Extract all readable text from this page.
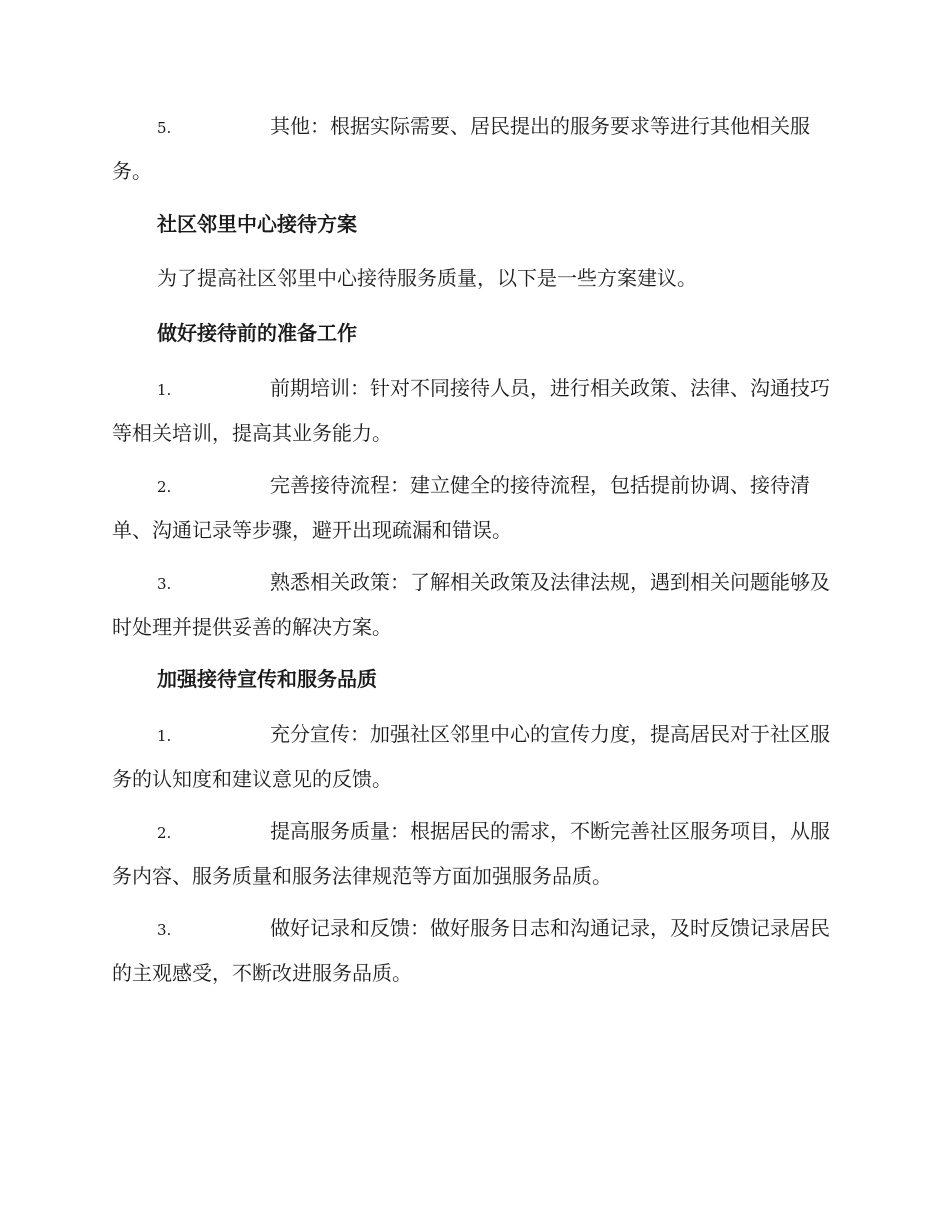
5.	其他：根据实际需要、居民提出的服务要求等进行其他相关服
务。
社区邻里中心接待方案

为了提高社区邻里中心接待服务质量，以下是一些方案建议。

做好接待前的准备工作
1.	前期培训：针对不同接待人员，进行相关政策、法律、沟通技巧
等相关培训，提高其业务能力。
2.	完善接待流程：建立健全的接待流程，包括提前协调、接待清
单、沟通记录等步骤，避开出现疏漏和错误。
3.	熟悉相关政策：了解相关政策及法律法规，遇到相关问题能够及
时处理并提供妥善的解决方案。
加强接待宣传和服务品质
1.	充分宣传：加强社区邻里中心的宣传力度，提高居民对于社区服
务的认知度和建议意见的反馈。
2.	提高服务质量：根据居民的需求，不断完善社区服务项目，从服
务内容、服务质量和服务法律规范等方面加强服务品质。
3.	做好记录和反馈：做好服务日志和沟通记录，及时反馈记录居民
的主观感受，不断改进服务品质。
